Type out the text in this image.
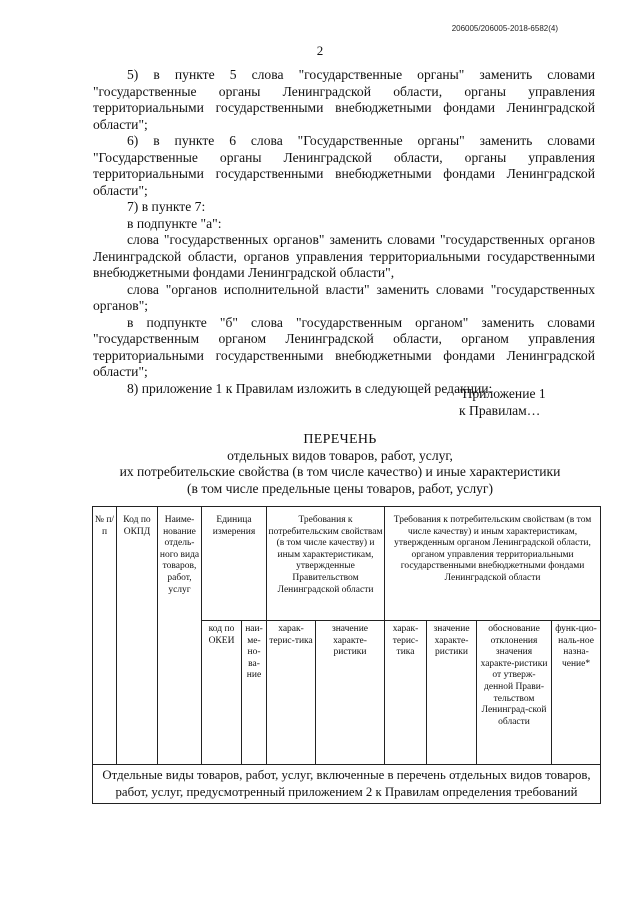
206005/206005-2018-6582(4)
2

5) в пункте 5 слова "государственные органы" заменить словами "государственные органы Ленинградской области, органы управления территориальными государственными внебюджетными фондами Ленинградской области";

6) в пункте 6 слова "Государственные органы" заменить словами "Государственные органы Ленинградской области, органы управления территориальными государственными внебюджетными фондами Ленинградской области";

7) в пункте 7:

в подпункте "а":

слова "государственных органов" заменить словами "государственных органов Ленинградской области, органов управления территориальными государственными внебюджетными фондами Ленинградской области",

слова "органов исполнительной власти" заменить словами "государственных органов";

в подпункте "б" слова "государственным органом" заменить словами "государственным органом Ленинградской области, органом управления территориальными государственными внебюджетными фондами Ленинградской области";

8) приложение 1 к Правилам изложить в следующей редакции:

"Приложение 1
к Правилам…
ПЕРЕЧЕНЬ
отдельных видов товаров, работ, услуг,
их потребительские свойства (в том числе качество) и иные характеристики
(в том числе предельные цены товаров, работ, услуг)
№ п/п	Код по ОКПД	Наиме-нование отдель-ного вида товаров, работ, услуг	Единица измерения		Требования к потребительским свойствам (в том числе качеству) и иным характеристикам, утвержденные Правительством Ленинградской области		Требования к потребительским свойствам (в том числе качеству) и иным характеристикам, утвержденным органом Ленинградской области, органом управления территориальными государственными внебюджетными фондами Ленинградской области			
			код по ОКЕИ	наи-ме-но-ва-ние	харак-терис-тика	значение характе-ристики	харак-терис-тика	значение характе-ристики	обоснование отклонения значения характе-ристики от утверж-денной Прави-тельством Ленинград-ской области	функ-цио-наль-ное назна-чение*
Отдельные виды товаров, работ, услуг, включенные в перечень отдельных видов товаров, работ, услуг, предусмотренный приложением 2 к Правилам определения требований										
